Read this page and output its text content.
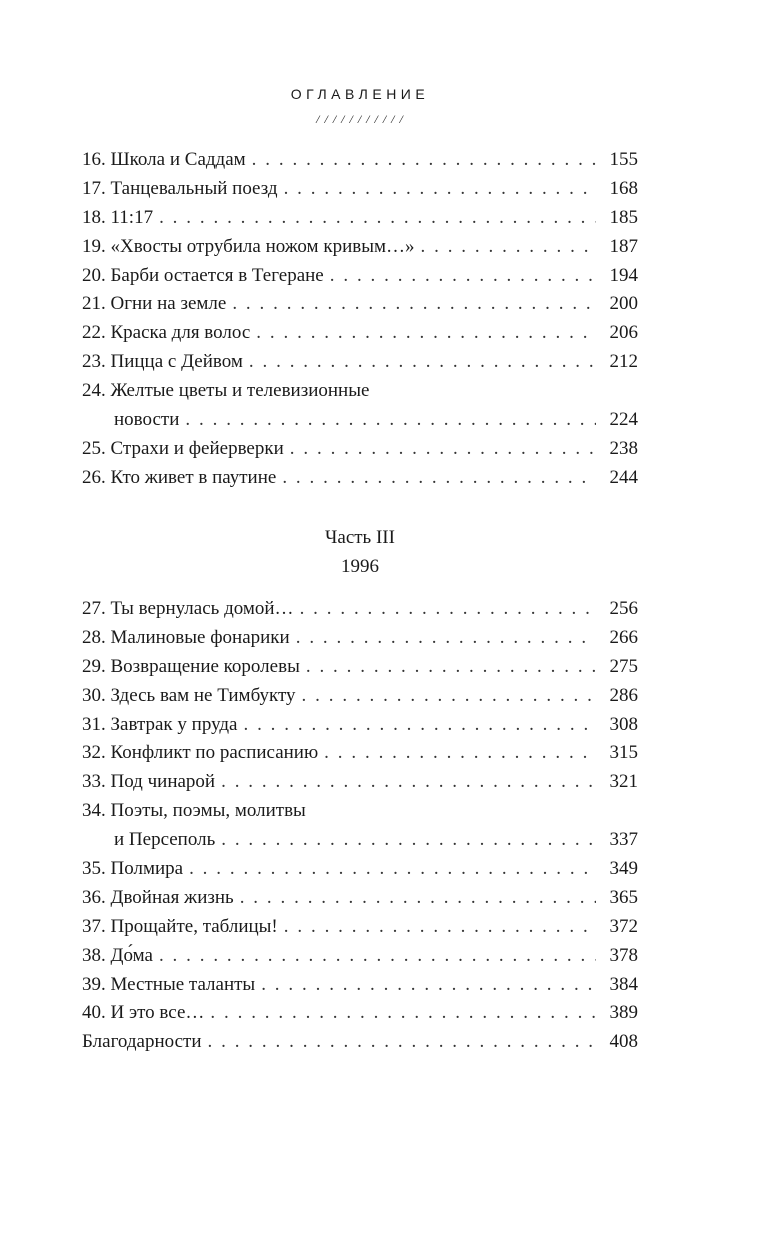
ОГЛАВЛЕНИЕ
/ / / / / / / / / / /
16. Школа и Саддам . . .	155
17. Танцевальный поезд . . .	168
18. 11:17 . . .	185
19. «Хвосты отрубила ножом кривым…» . . .	187
20. Барби остается в Тегеране . . .	194
21. Огни на земле . . .	200
22. Краска для волос . . .	206
23. Пицца с Дейвом . . .	212
24. Желтые цветы и телевизионные
новости . . .	224
25. Страхи и фейерверки . . .	238
26. Кто живет в паутине . . .	244
Часть III
1996
27. Ты вернулась домой… . . .	256
28. Малиновые фонарики . . .	266
29. Возвращение королевы . . .	275
30. Здесь вам не Тимбукту . . .	286
31. Завтрак у пруда . . .	308
32. Конфликт по расписанию . . .	315
33. Под чинарой . . .	321
34. Поэты, поэмы, молитвы
и Персеполь . . .	337
35. Полмира . . .	349
36. Двойная жизнь . . .	365
37. Прощайте, таблицы! . . .	372
38. До́ма . . .	378
39. Местные таланты . . .	384
40. И это все… . . .	389
Благодарности . . .	408
